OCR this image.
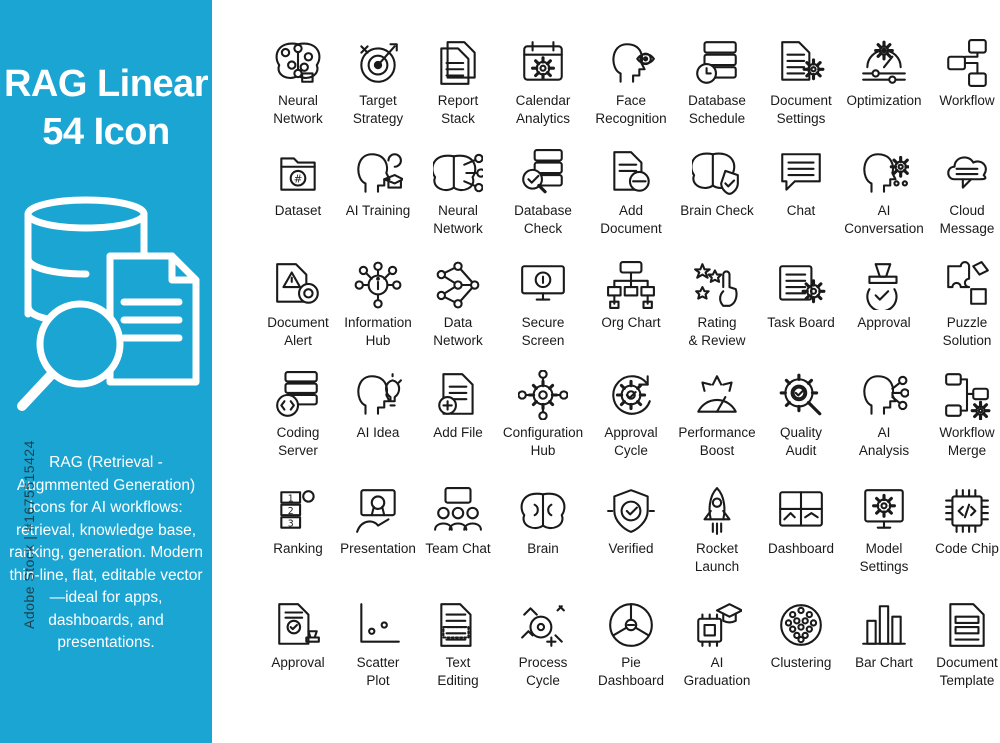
RAG Linear
54 Icon
RAG (Retrieval - Augmmented Generation) icons for AI workflows: retrieval, knowledge base, ranking, generation. Modern thin-line, flat, editable vector—ideal for apps, dashboards, and presentations.
Adobe Stock | #1675515424
Neural
Network
Target
Strategy
Report
Stack
Calendar
Analytics
Face
Recognition
Database
Schedule
Document
Settings
Optimization	Workflow
#
Dataset	AI Training	Neural
Network
Database
Check
Add
Document
Brain Check	Chat	AI
Conversation
Cloud
Message
Document
Alert
Information
Hub
Data
Network
Secure
Screen
Org Chart	Rating
& Review
Task Board	Approval	Puzzle
Solution
Coding
Server
AI Idea	Add File	Configuration
Hub
Approval
Cycle
Performance
Boost
Quality
Audit
AI
Analysis
Workflow
Merge
1
2
3
Ranking	Presentation Team Chat	Brain	Verified	Rocket
Launch
Dashboard	Model
Settings
Code Chip
Approval	Scatter
Plot
Text
Editing
Process
Cycle
Pie
Dashboard
AI
Graduation
Clustering	Bar Chart	Document
Template
